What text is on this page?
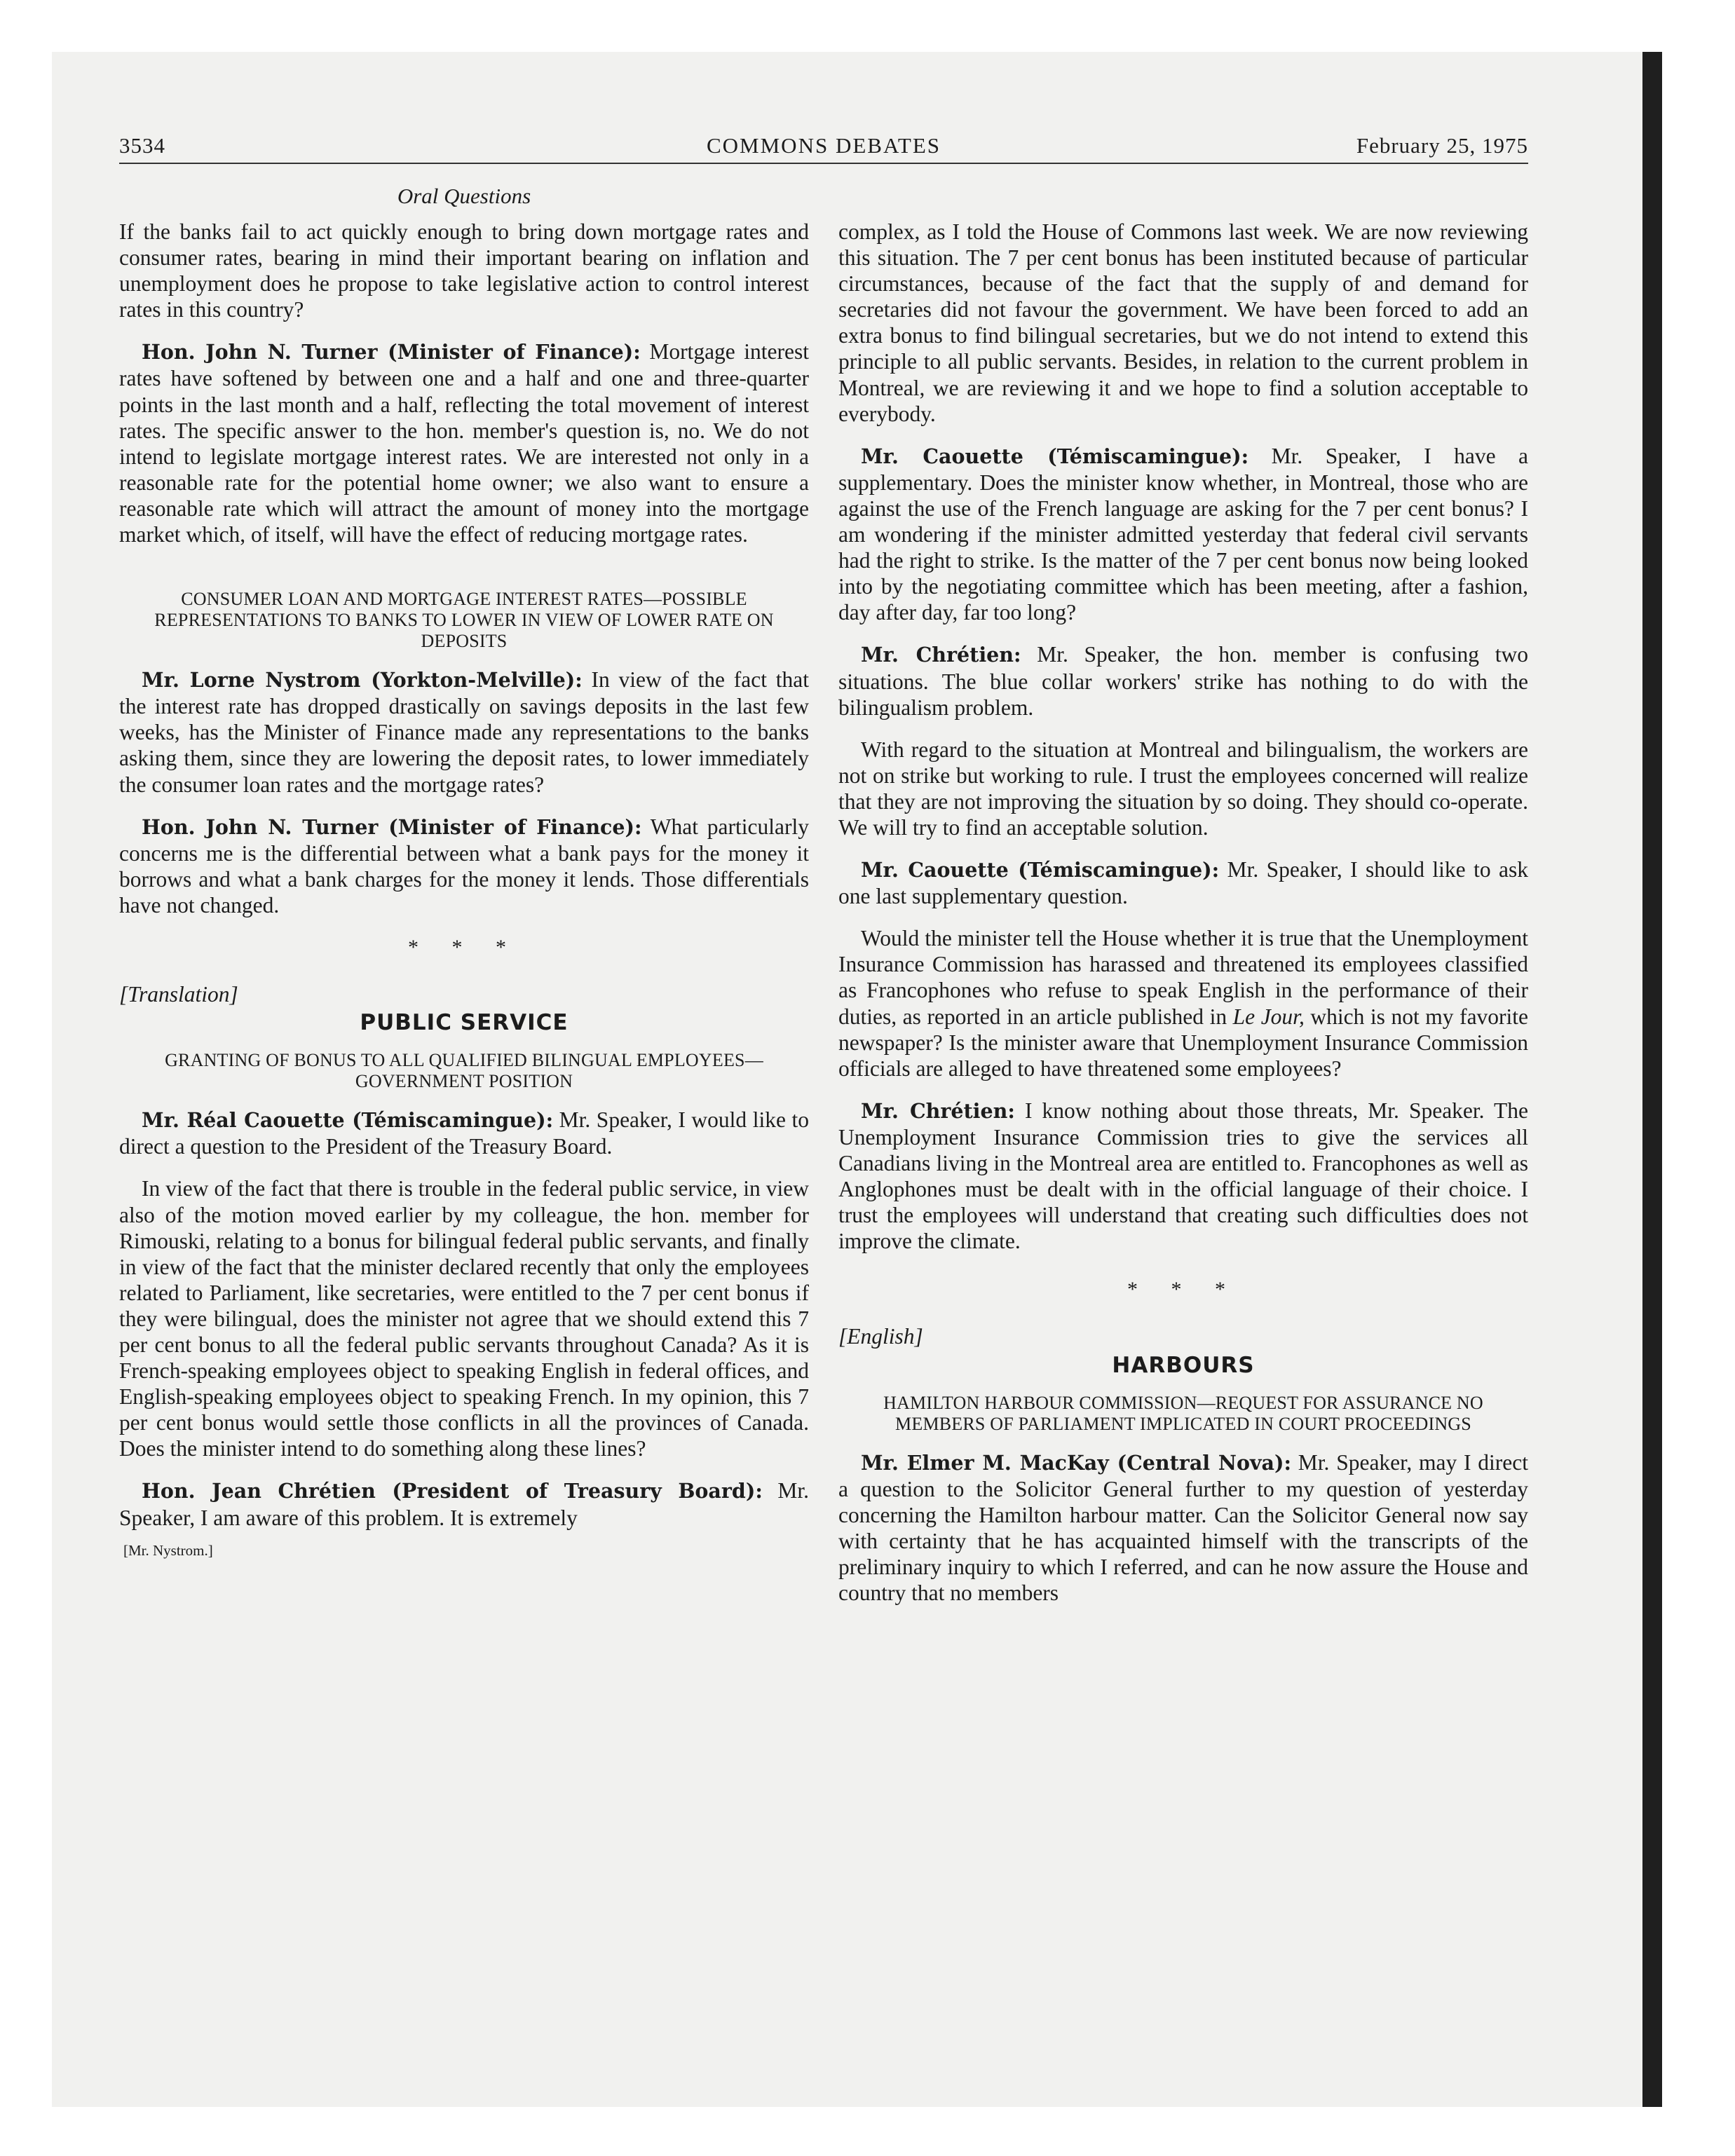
3534	COMMONS DEBATES	February 25, 1975
Oral Questions

If the banks fail to act quickly enough to bring down mortgage rates and consumer rates, bearing in mind their important bearing on inflation and unemployment does he propose to take legislative action to control interest rates in this country?

Hon. John N. Turner (Minister of Finance): Mortgage interest rates have softened by between one and a half and one and three-quarter points in the last month and a half, reflecting the total movement of interest rates. The specific answer to the hon. member's question is, no. We do not intend to legislate mortgage interest rates. We are interested not only in a reasonable rate for the potential home owner; we also want to ensure a reasonable rate which will attract the amount of money into the mortgage market which, of itself, will have the effect of reducing mortgage rates.

CONSUMER LOAN AND MORTGAGE INTEREST RATES—POSSIBLE REPRESENTATIONS TO BANKS TO LOWER IN VIEW OF LOWER RATE ON DEPOSITS

Mr. Lorne Nystrom (Yorkton-Melville): In view of the fact that the interest rate has dropped drastically on savings deposits in the last few weeks, has the Minister of Finance made any representations to the banks asking them, since they are lowering the deposit rates, to lower immediately the consumer loan rates and the mortgage rates?

Hon. John N. Turner (Minister of Finance): What particularly concerns me is the differential between what a bank pays for the money it borrows and what a bank charges for the money it lends. Those differentials have not changed.

* * *
[Translation]
PUBLIC SERVICE
GRANTING OF BONUS TO ALL QUALIFIED BILINGUAL EMPLOYEES—GOVERNMENT POSITION

Mr. Réal Caouette (Témiscamingue): Mr. Speaker, I would like to direct a question to the President of the Treasury Board.

In view of the fact that there is trouble in the federal public service, in view also of the motion moved earlier by my colleague, the hon. member for Rimouski, relating to a bonus for bilingual federal public servants, and finally in view of the fact that the minister declared recently that only the employees related to Parliament, like secretaries, were entitled to the 7 per cent bonus if they were bilingual, does the minister not agree that we should extend this 7 per cent bonus to all the federal public servants throughout Canada? As it is French-speaking employees object to speaking English in federal offices, and English-speaking employees object to speaking French. In my opinion, this 7 per cent bonus would settle those conflicts in all the provinces of Canada. Does the minister intend to do something along these lines?

Hon. Jean Chrétien (President of Treasury Board): Mr. Speaker, I am aware of this problem. It is extremely

[Mr. Nystrom.]

complex, as I told the House of Commons last week. We are now reviewing this situation. The 7 per cent bonus has been instituted because of particular circumstances, because of the fact that the supply of and demand for secretaries did not favour the government. We have been forced to add an extra bonus to find bilingual secretaries, but we do not intend to extend this principle to all public servants. Besides, in relation to the current problem in Montreal, we are reviewing it and we hope to find a solution acceptable to everybody.

Mr. Caouette (Témiscamingue): Mr. Speaker, I have a supplementary. Does the minister know whether, in Montreal, those who are against the use of the French language are asking for the 7 per cent bonus? I am wondering if the minister admitted yesterday that federal civil servants had the right to strike. Is the matter of the 7 per cent bonus now being looked into by the negotiating committee which has been meeting, after a fashion, day after day, far too long?

Mr. Chrétien: Mr. Speaker, the hon. member is confusing two situations. The blue collar workers' strike has nothing to do with the bilingualism problem.

With regard to the situation at Montreal and bilingualism, the workers are not on strike but working to rule. I trust the employees concerned will realize that they are not improving the situation by so doing. They should co-operate. We will try to find an acceptable solution.

Mr. Caouette (Témiscamingue): Mr. Speaker, I should like to ask one last supplementary question.

Would the minister tell the House whether it is true that the Unemployment Insurance Commission has harassed and threatened its employees classified as Francophones who refuse to speak English in the performance of their duties, as reported in an article published in Le Jour, which is not my favorite newspaper? Is the minister aware that Unemployment Insurance Commission officials are alleged to have threatened some employees?

Mr. Chrétien: I know nothing about those threats, Mr. Speaker. The Unemployment Insurance Commission tries to give the services all Canadians living in the Montreal area are entitled to. Francophones as well as Anglophones must be dealt with in the official language of their choice. I trust the employees will understand that creating such difficulties does not improve the climate.

* * *
[English]
HARBOURS
HAMILTON HARBOUR COMMISSION—REQUEST FOR ASSURANCE NO MEMBERS OF PARLIAMENT IMPLICATED IN COURT PROCEEDINGS

Mr. Elmer M. MacKay (Central Nova): Mr. Speaker, may I direct a question to the Solicitor General further to my question of yesterday concerning the Hamilton harbour matter. Can the Solicitor General now say with certainty that he has acquainted himself with the transcripts of the preliminary inquiry to which I referred, and can he now assure the House and country that no members
